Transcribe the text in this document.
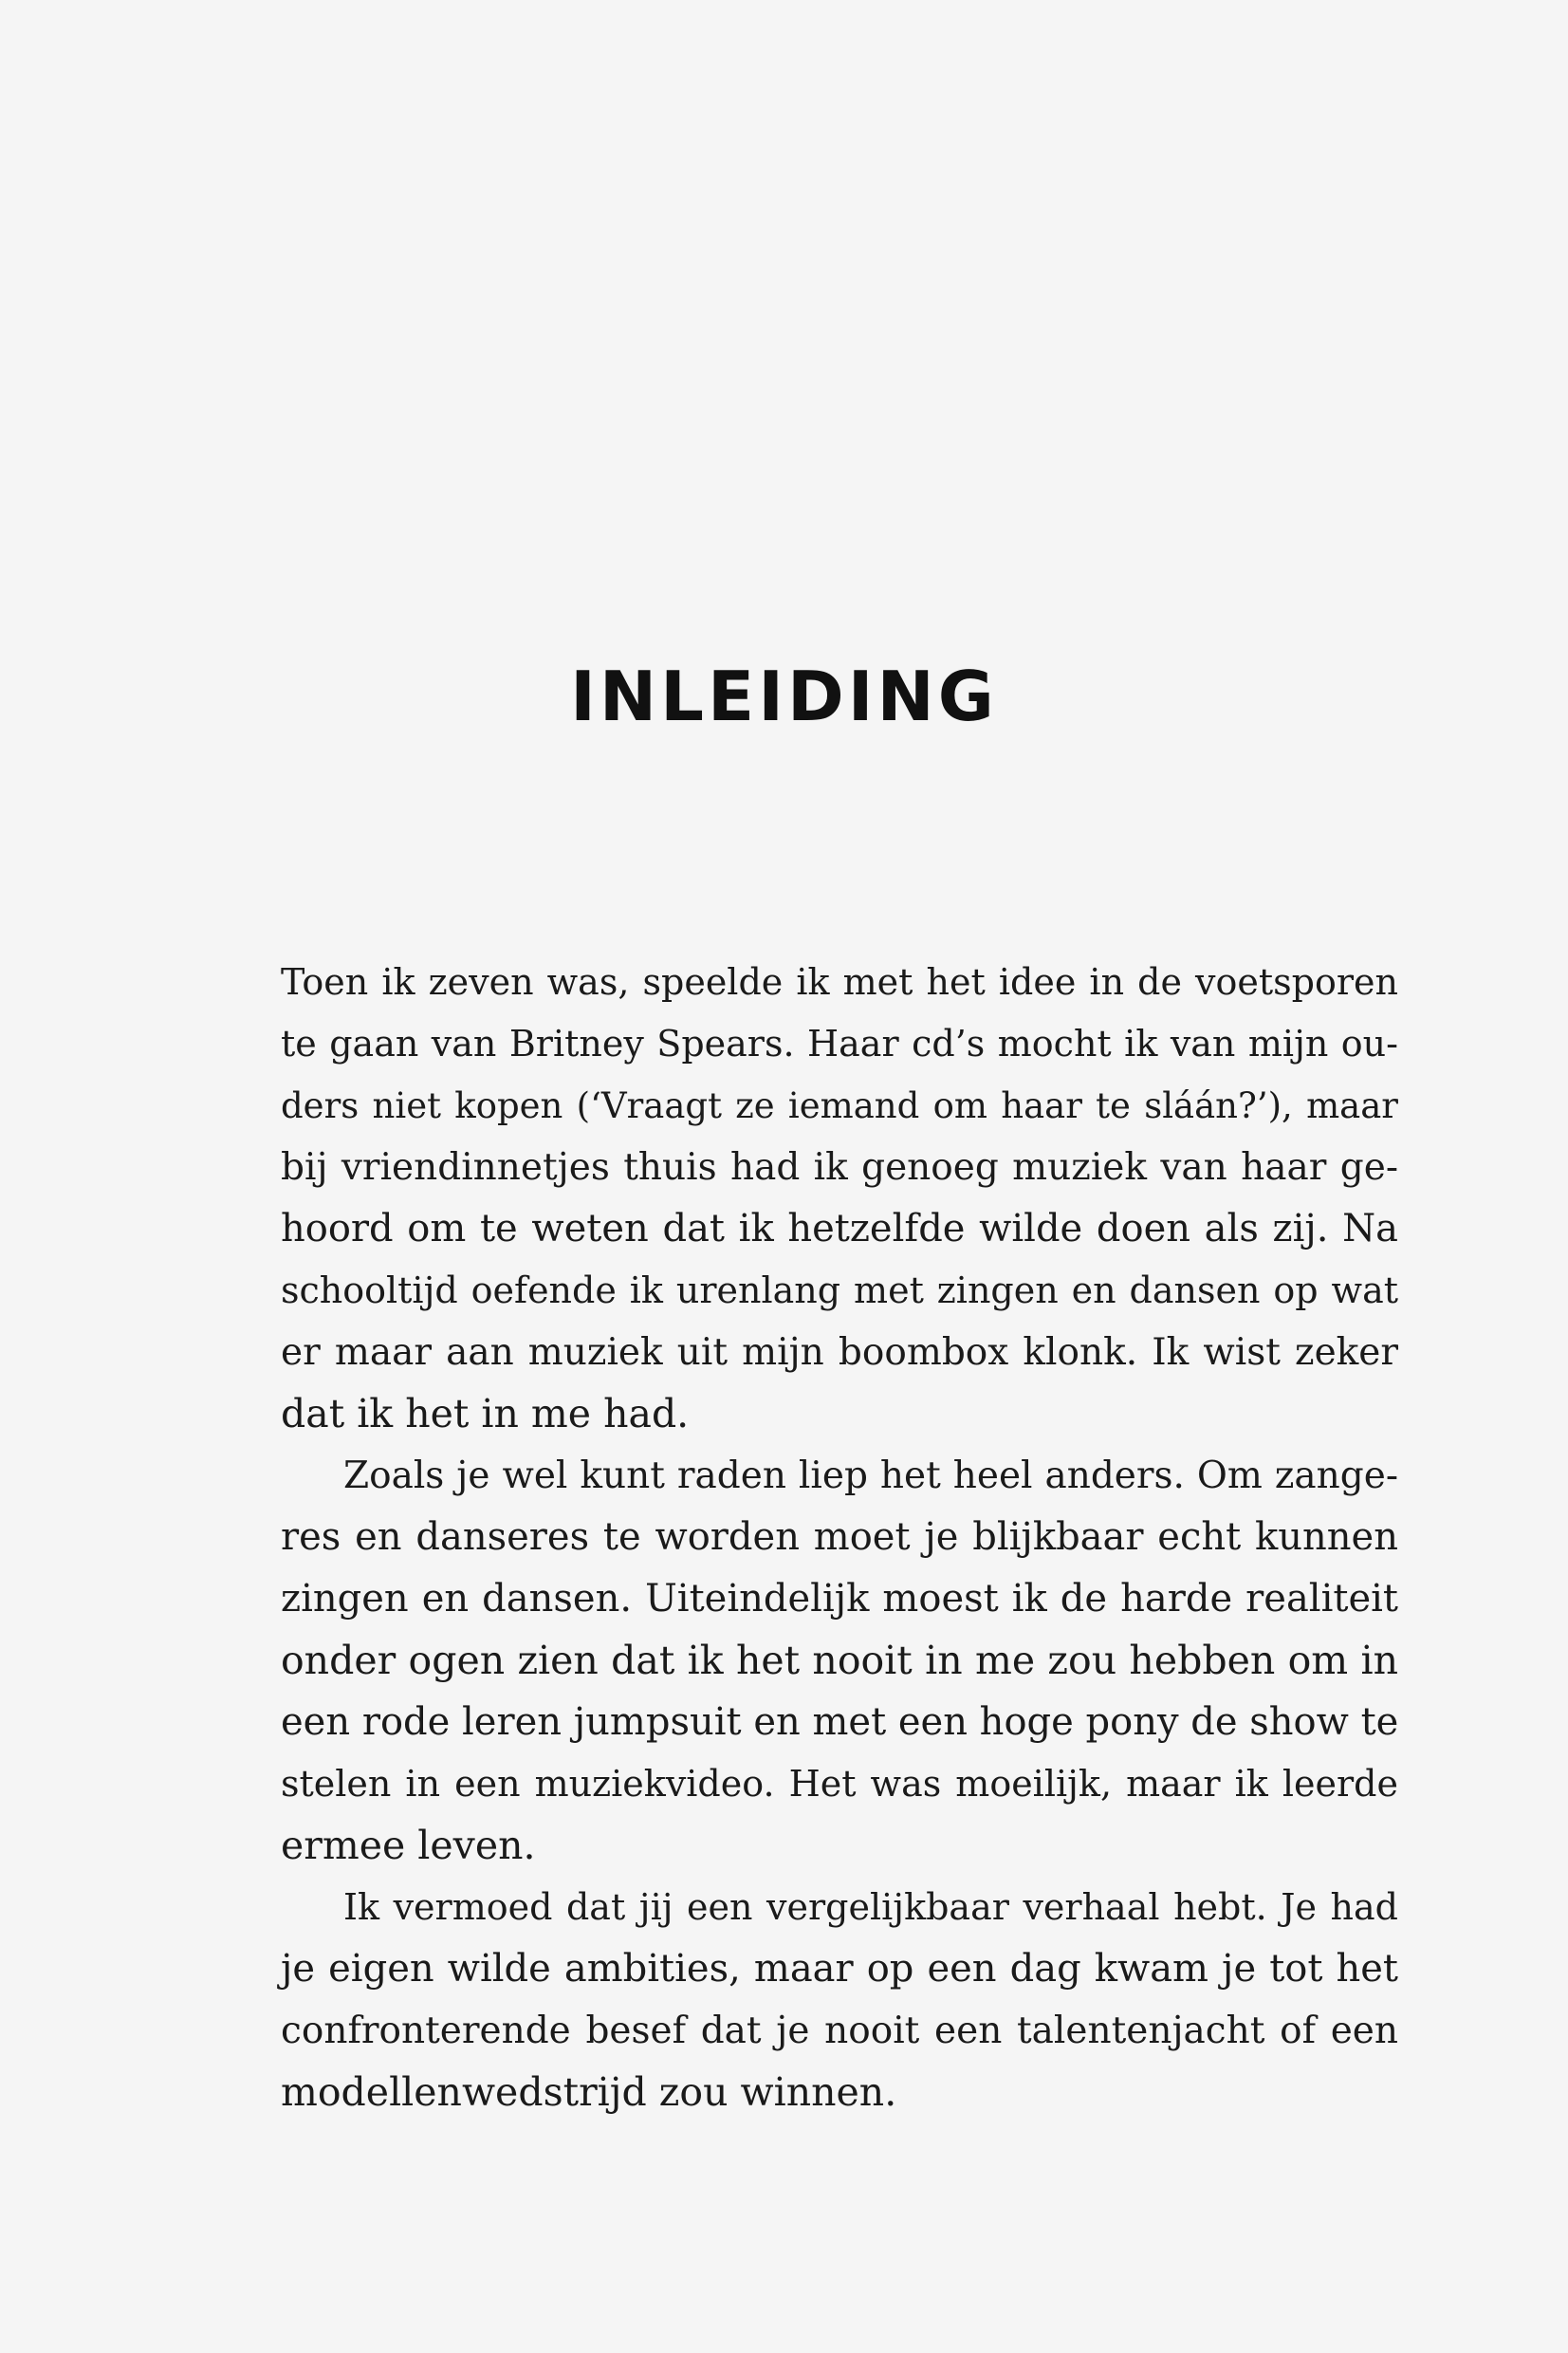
INLEIDING
Toen ik zeven was, speelde ik met het idee in de voetsporen
te gaan van Britney Spears. Haar cd’s mocht ik van mijn ou-
ders niet kopen (‘Vraagt ze iemand om haar te sláán?’), maar
bij vriendinnetjes thuis had ik genoeg muziek van haar ge-
hoord om te weten dat ik hetzelfde wilde doen als zij. Na
schooltijd oefende ik urenlang met zingen en dansen op wat
er maar aan muziek uit mijn boombox klonk. Ik wist zeker
dat ik het in me had.
Zoals je wel kunt raden liep het heel anders. Om zange-
res en danseres te worden moet je blijkbaar echt kunnen
zingen en dansen. Uiteindelijk moest ik de harde realiteit
onder ogen zien dat ik het nooit in me zou hebben om in
een rode leren jumpsuit en met een hoge pony de show te
stelen in een muziekvideo. Het was moeilijk, maar ik leerde
ermee leven.
Ik vermoed dat jij een vergelijkbaar verhaal hebt. Je had
je eigen wilde ambities, maar op een dag kwam je tot het
confronterende besef dat je nooit een talentenjacht of een
modellenwedstrijd zou winnen.
